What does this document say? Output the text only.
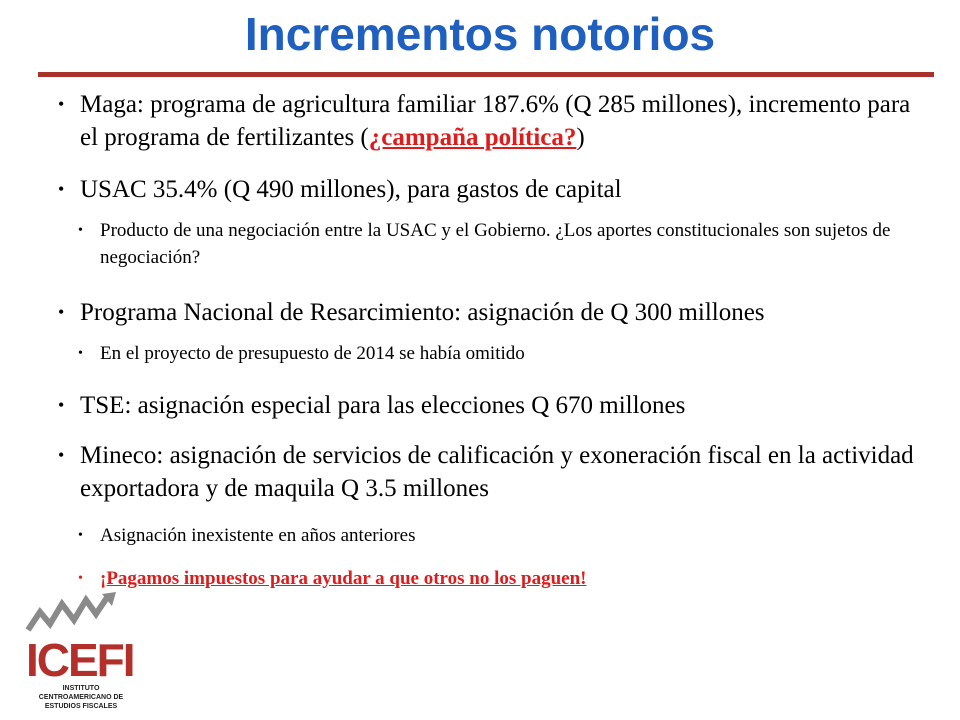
Incrementos notorios
• Maga: programa de agricultura familiar 187.6% (Q 285 millones), incremento para el programa de fertilizantes (¿campaña política?)
• USAC 35.4% (Q 490 millones), para gastos de capital
• Producto de una negociación entre la USAC y el Gobierno. ¿Los aportes constitucionales son sujetos de negociación?
• Programa Nacional de Resarcimiento: asignación de Q 300 millones
• En el proyecto de presupuesto de 2014 se había omitido
• TSE: asignación especial para las elecciones Q 670 millones
• Mineco: asignación de servicios de calificación y exoneración fiscal en la actividad exportadora y de maquila Q 3.5 millones
• Asignación inexistente en años anteriores
• ¡Pagamos impuestos para ayudar a que otros no los paguen!
ICEFI
INSTITUTO CENTROAMERICANO DE ESTUDIOS FISCALES
